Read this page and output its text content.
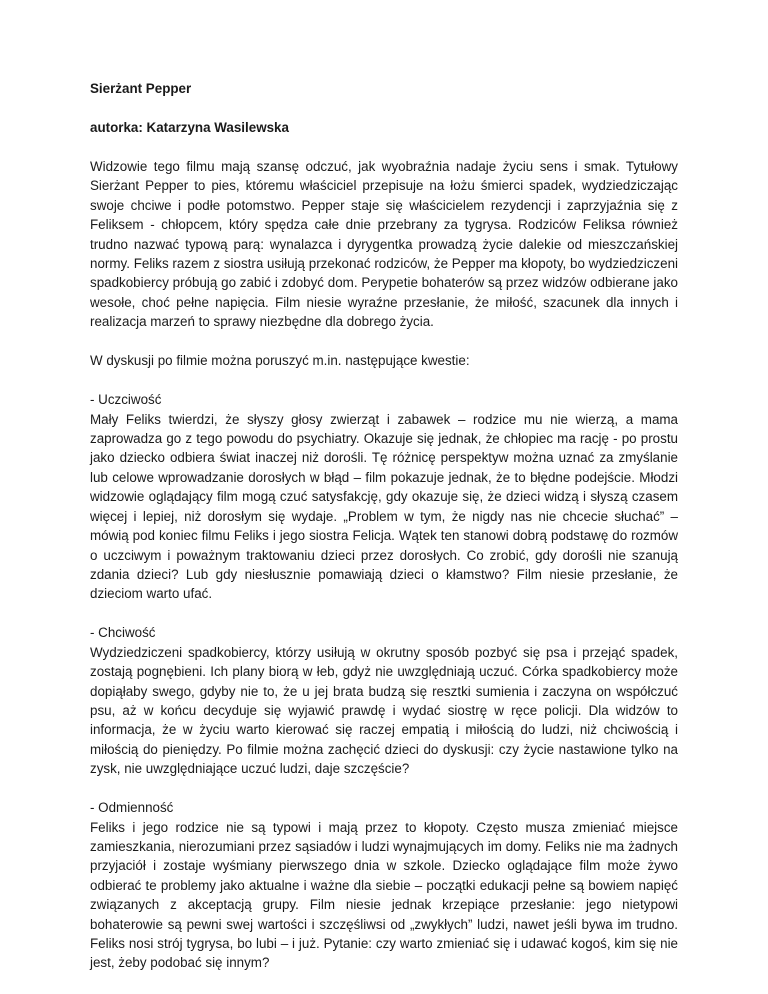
Sierżant Pepper
autorka: Katarzyna Wasilewska

Widzowie tego filmu mają szansę odczuć, jak wyobraźnia nadaje życiu sens i smak. Tytułowy Sierżant Pepper to pies, któremu właściciel przepisuje na łożu śmierci spadek, wydziedziczając swoje chciwe i podłe potomstwo. Pepper staje się właścicielem rezydencji i zaprzyjaźnia się z Feliksem - chłopcem, który spędza całe dnie przebrany za tygrysa. Rodziców Feliksa również trudno nazwać typową parą: wynalazca i dyrygentka prowadzą życie dalekie od mieszczańskiej normy. Feliks razem z siostra usiłują przekonać rodziców, że Pepper ma kłopoty, bo wydziedziczeni spadkobiercy próbują go zabić i zdobyć dom. Perypetie bohaterów są przez widzów odbierane jako wesołe, choć pełne napięcia. Film niesie wyraźne przesłanie, że miłość, szacunek dla innych i realizacja marzeń to sprawy niezbędne dla dobrego życia.

W dyskusji po filmie można poruszyć m.in. następujące kwestie:

- Uczciwość
Mały Feliks twierdzi, że słyszy głosy zwierząt i zabawek – rodzice mu nie wierzą, a mama zaprowadza go z tego powodu do psychiatry. Okazuje się jednak, że chłopiec ma rację - po prostu jako dziecko odbiera świat inaczej niż dorośli. Tę różnicę perspektyw można uznać za zmyślanie lub celowe wprowadzanie dorosłych w błąd – film pokazuje jednak, że to błędne podejście. Młodzi widzowie oglądający film mogą czuć satysfakcję, gdy okazuje się, że dzieci widzą i słyszą czasem więcej i lepiej, niż dorosłym się wydaje. „Problem w tym, że nigdy nas nie chcecie słuchać” – mówią pod koniec filmu Feliks i jego siostra Felicja. Wątek ten stanowi dobrą podstawę do rozmów o uczciwym i poważnym traktowaniu dzieci przez dorosłych. Co zrobić, gdy dorośli nie szanują zdania dzieci? Lub gdy niesłusznie pomawiają dzieci o kłamstwo? Film niesie przesłanie, że dzieciom warto ufać.

- Chciwość
Wydziedziczeni spadkobiercy, którzy usiłują w okrutny sposób pozbyć się psa i przejąć spadek, zostają pognębieni. Ich plany biorą w łeb, gdyż nie uwzględniają uczuć. Córka spadkobiercy może dopiąłaby swego, gdyby nie to, że u jej brata budzą się resztki sumienia i zaczyna on współczuć psu, aż w końcu decyduje się wyjawić prawdę i wydać siostrę w ręce policji. Dla widzów to informacja, że w życiu warto kierować się raczej empatią i miłością do ludzi, niż chciwością i miłością do pieniędzy. Po filmie można zachęcić dzieci do dyskusji: czy życie nastawione tylko na zysk, nie uwzględniające uczuć ludzi, daje szczęście?

- Odmienność
Feliks i jego rodzice nie są typowi i mają przez to kłopoty. Często musza zmieniać miejsce zamieszkania, nierozumiani przez sąsiadów i ludzi wynajmujących im domy. Feliks nie ma żadnych przyjaciół i zostaje wyśmiany pierwszego dnia w szkole. Dziecko oglądające film może żywo odbierać te problemy jako aktualne i ważne dla siebie – początki edukacji pełne są bowiem napięć związanych z akceptacją grupy. Film niesie jednak krzepiące przesłanie: jego nietypowi bohaterowie są pewni swej wartości i szczęśliwsi od „zwykłych” ludzi, nawet jeśli bywa im trudno. Feliks nosi strój tygrysa, bo lubi – i już. Pytanie: czy warto zmieniać się i udawać kogoś, kim się nie jest, żeby podobać się innym?
